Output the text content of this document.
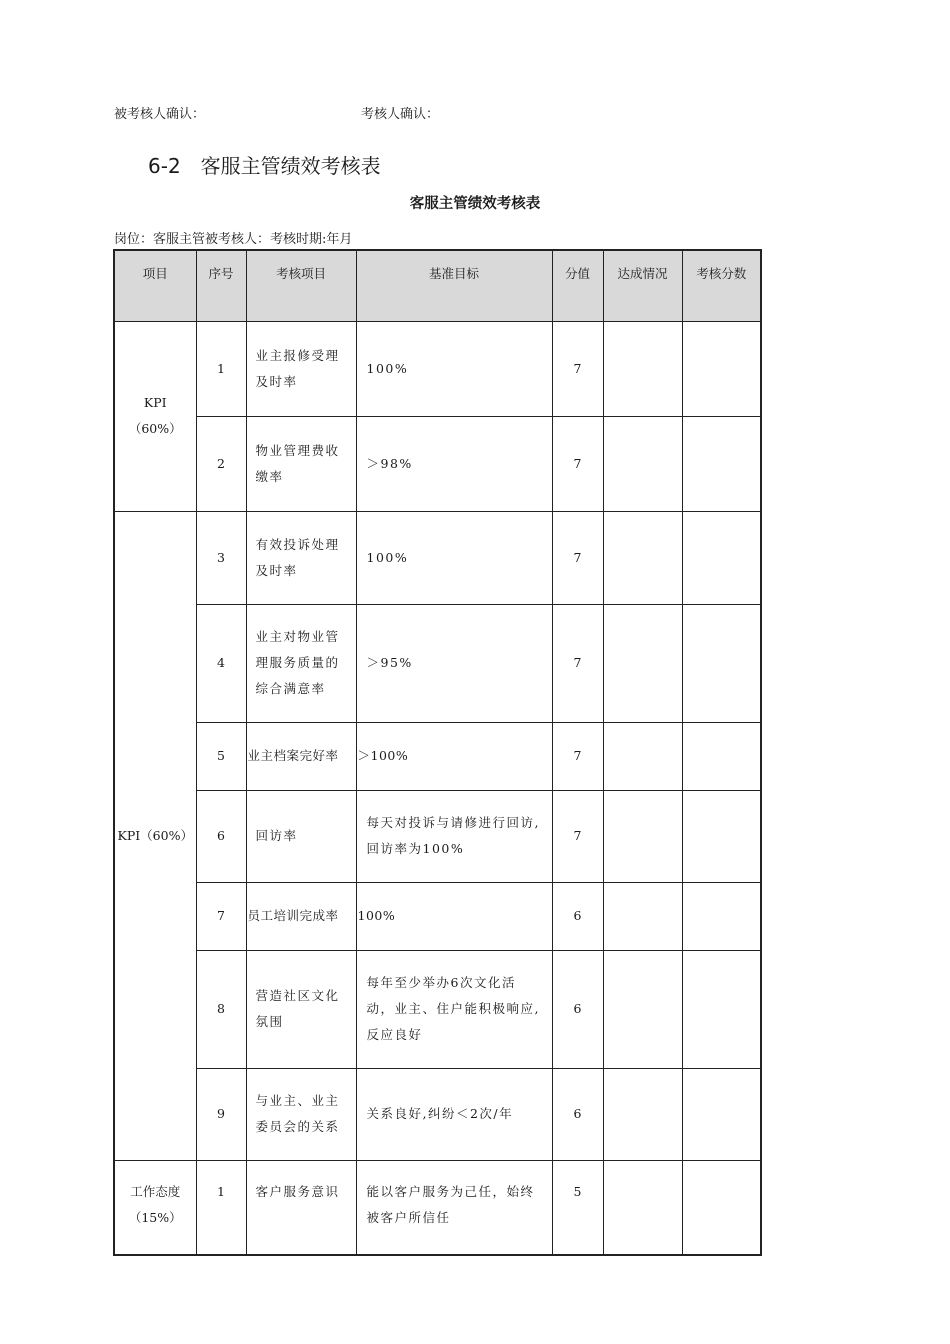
被考核人确认：	考核人确认：
6-2 客服主管绩效考核表
客服主管绩效考核表
岗位：客服主管被考核人：考核时期:年月
项目	序号	考核项目	基准目标	分值	达成情况	考核分数
KPI（60%）	1	业主报修受理及时率	100%	7		
	2	物业管理费收缴率	＞98%	7		
KPI（60%）	3	有效投诉处理及时率	100%	7		
	4	业主对物业管理服务质量的综合满意率	＞95%	7		
	5	业主档案完好率	＞100%	7		
	6	回访率	每天对投诉与请修进行回访,回访率为100%	7		
	7	员工培训完成率	100%	6		
	8	营造社区文化氛围	每年至少举办6次文化活动，业主、住户能积极响应,反应良好	6		
	9	与业主、业主委员会的关系	关系良好,纠纷＜2次/年	6		
工作态度（15%）	1	客户服务意识	能以客户服务为己任，始终被客户所信任	5		
